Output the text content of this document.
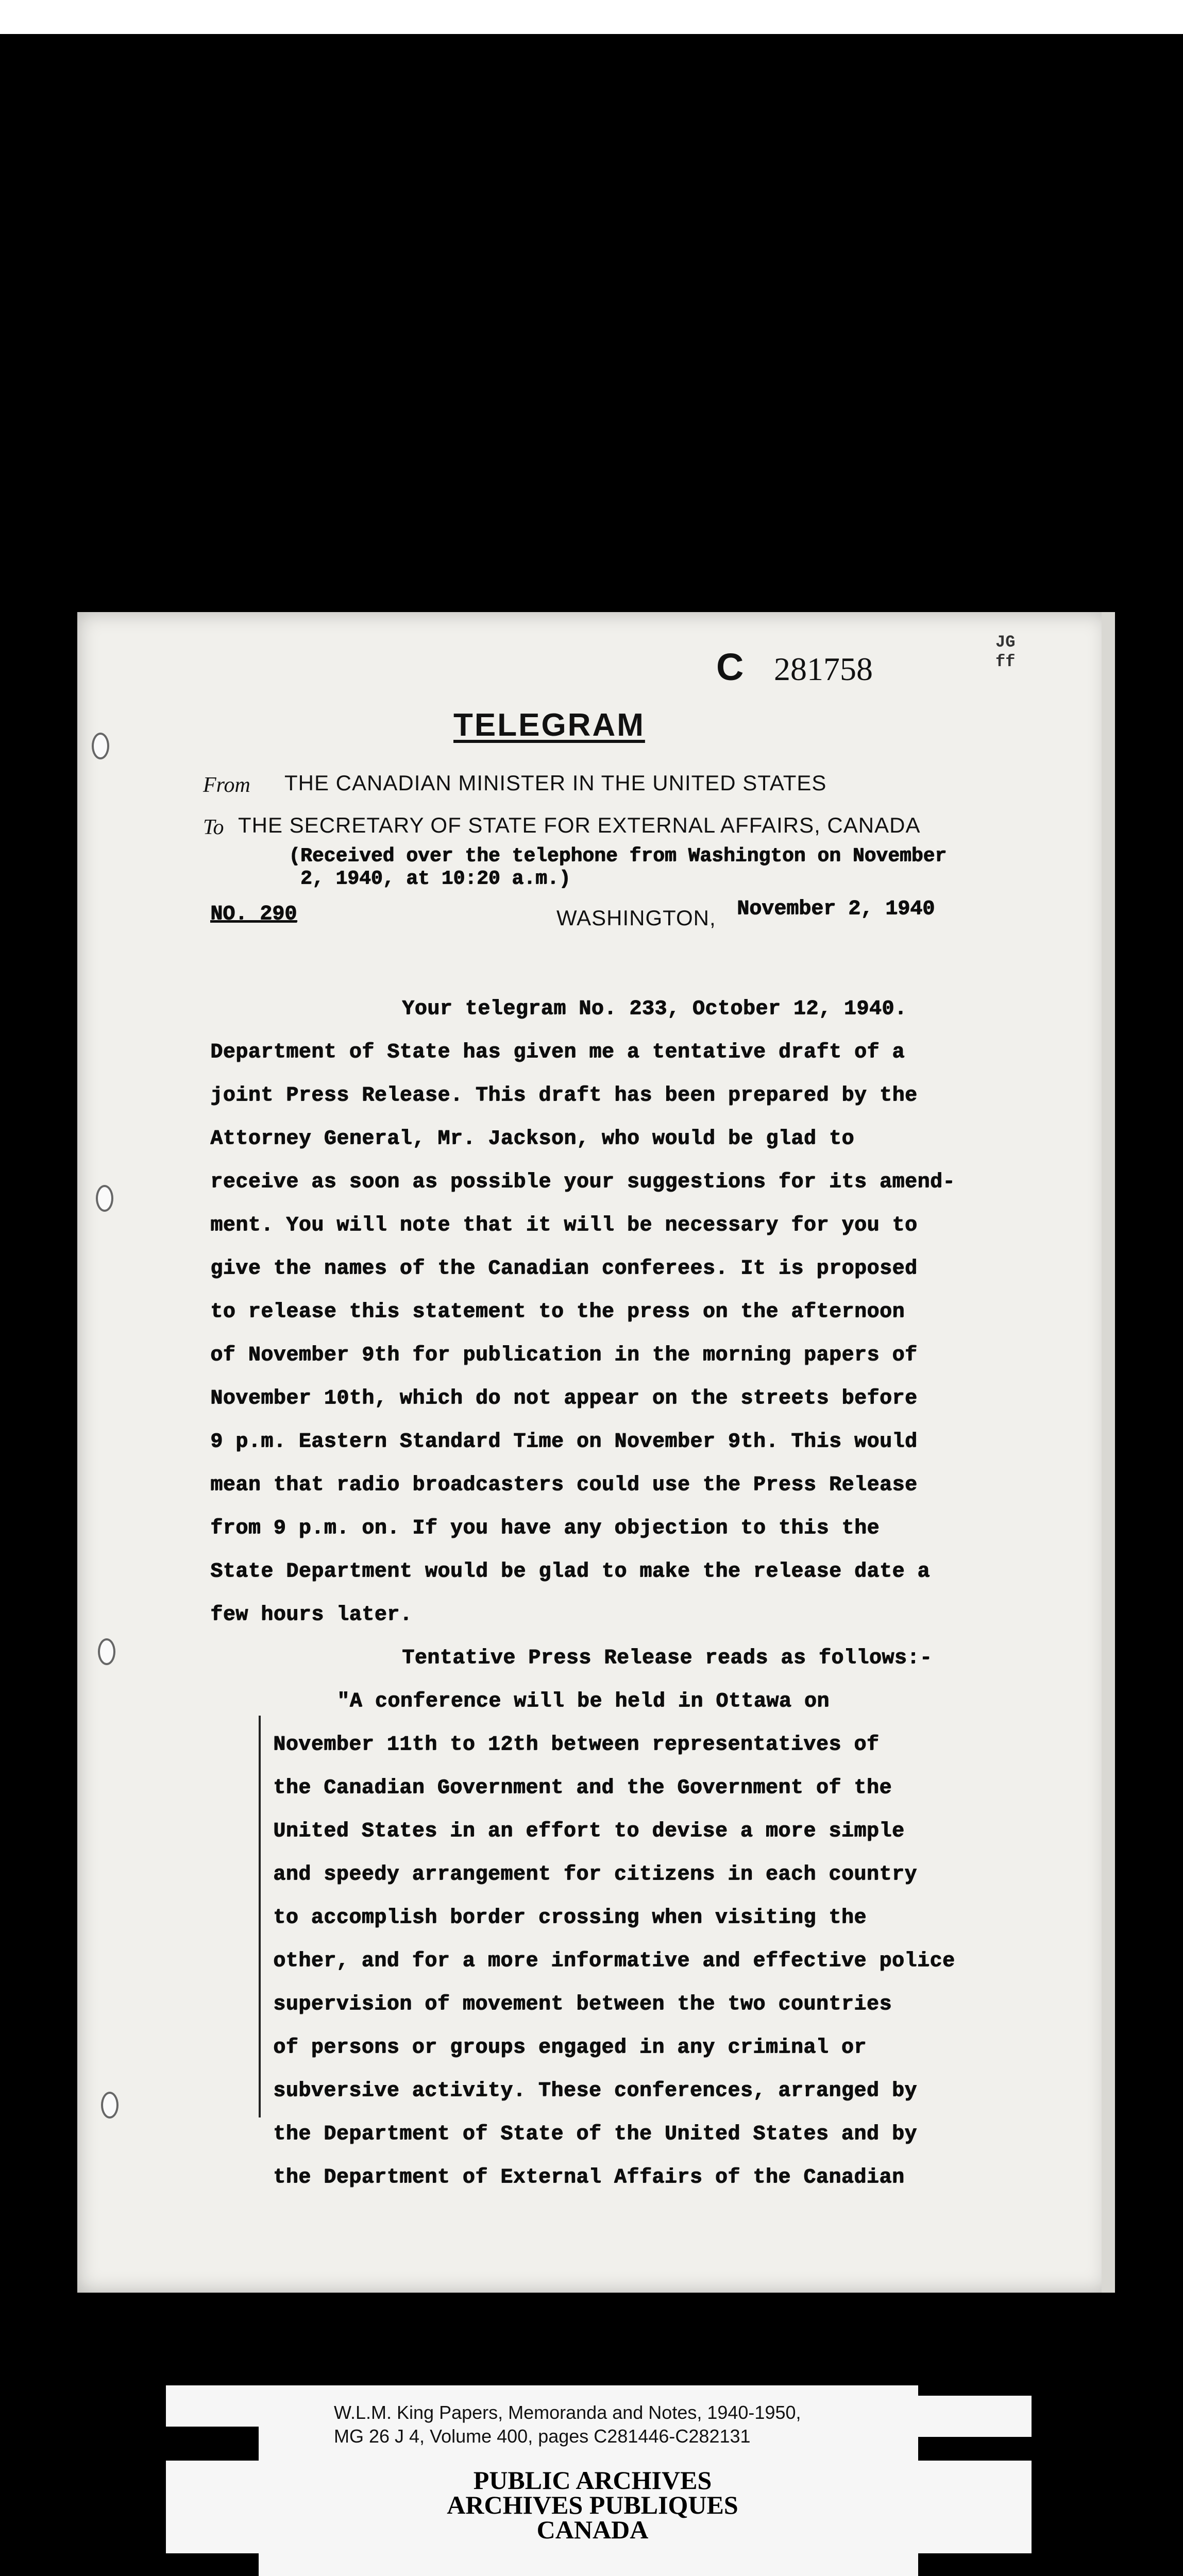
C 281758
JG
ff
TELEGRAM
From THE CANADIAN MINISTER IN THE UNITED STATES
To THE SECRETARY OF STATE FOR EXTERNAL AFFAIRS, CANADA
(Received over the telephone from Washington on November
2, 1940, at 10:20 a.m.)
NO. 290	WASHINGTON, November 2, 1940
Your telegram No. 233, October 12, 1940.
Department of State has given me a tentative draft of a
joint Press Release. This draft has been prepared by the
Attorney General, Mr. Jackson, who would be glad to
receive as soon as possible your suggestions for its amend-
ment. You will note that it will be necessary for you to
give the names of the Canadian conferees. It is proposed
to release this statement to the press on the afternoon
of November 9th for publication in the morning papers of
November 10th, which do not appear on the streets before
9 p.m. Eastern Standard Time on November 9th. This would
mean that radio broadcasters could use the Press Release
from 9 p.m. on. If you have any objection to this the
State Department would be glad to make the release date a
few hours later.
Tentative Press Release reads as follows:-
"A conference will be held in Ottawa on
November 11th to 12th between representatives of
the Canadian Government and the Government of the
United States in an effort to devise a more simple
and speedy arrangement for citizens in each country
to accomplish border crossing when visiting the
other, and for a more informative and effective police
supervision of movement between the two countries
of persons or groups engaged in any criminal or
subversive activity. These conferences, arranged by
the Department of State of the United States and by
the Department of External Affairs of the Canadian
W.L.M. King Papers, Memoranda and Notes, 1940-1950,
MG 26 J 4, Volume 400, pages C281446-C282131
PUBLIC ARCHIVES
ARCHIVES PUBLIQUES
CANADA
